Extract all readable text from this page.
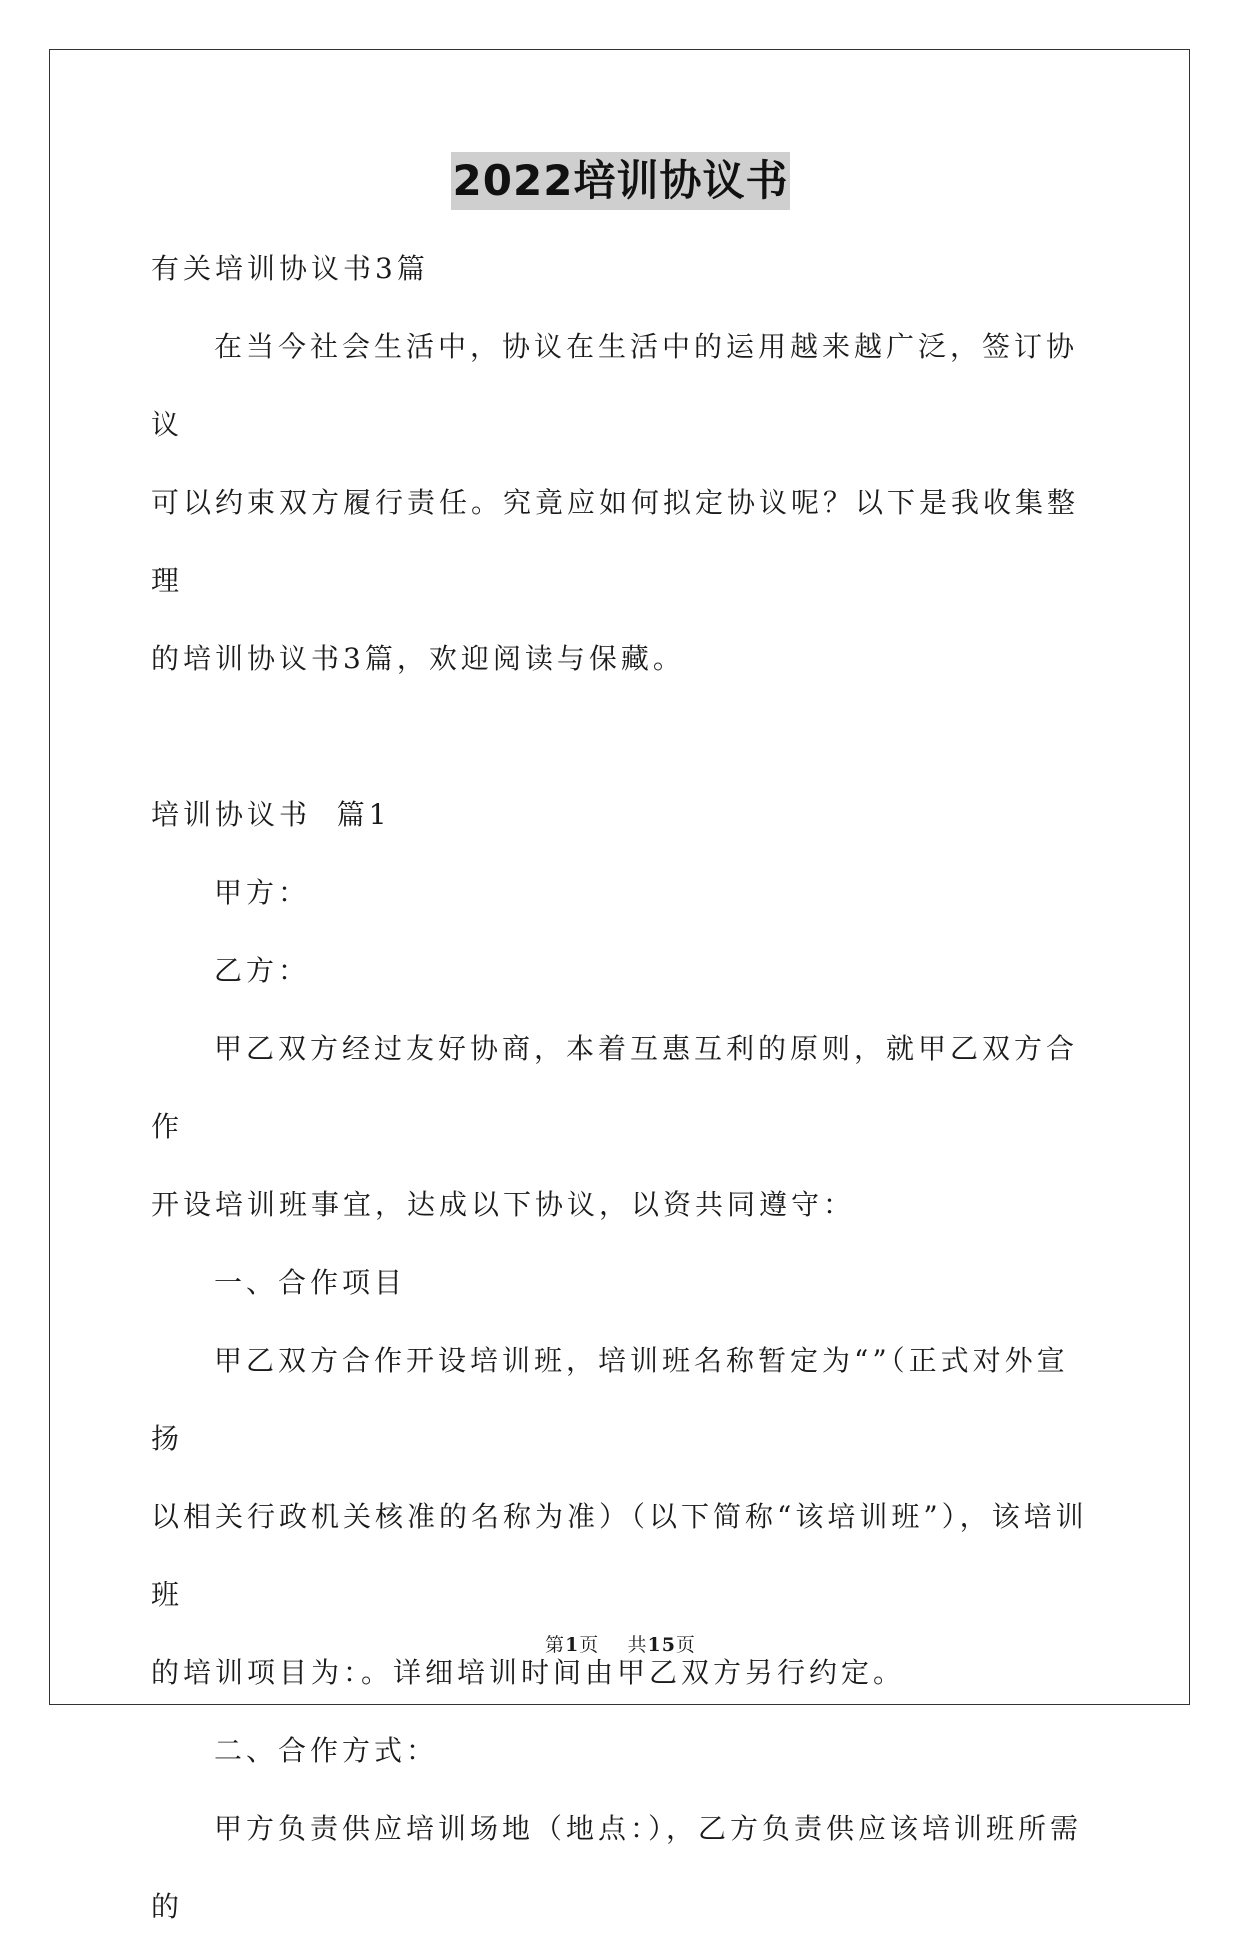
2022培训协议书

有关培训协议书3篇

在当今社会生活中，协议在生活中的运用越来越广泛，签订协议

可以约束双方履行责任。究竟应如何拟定协议呢？以下是我收集整理

的培训协议书3篇，欢迎阅读与保藏。

培训协议书  篇1

甲方：

乙方：

甲乙双方经过友好协商，本着互惠互利的原则，就甲乙双方合作

开设培训班事宜，达成以下协议，以资共同遵守：

一、合作项目

甲乙双方合作开设培训班，培训班名称暂定为“”（正式对外宣扬

以相关行政机关核准的名称为准）（以下简称“该培训班”），该培训班

的培训项目为：。详细培训时间由甲乙双方另行约定。

二、合作方式：

甲方负责供应培训场地（地点：），乙方负责供应该培训班所需的

第1页    共15页
